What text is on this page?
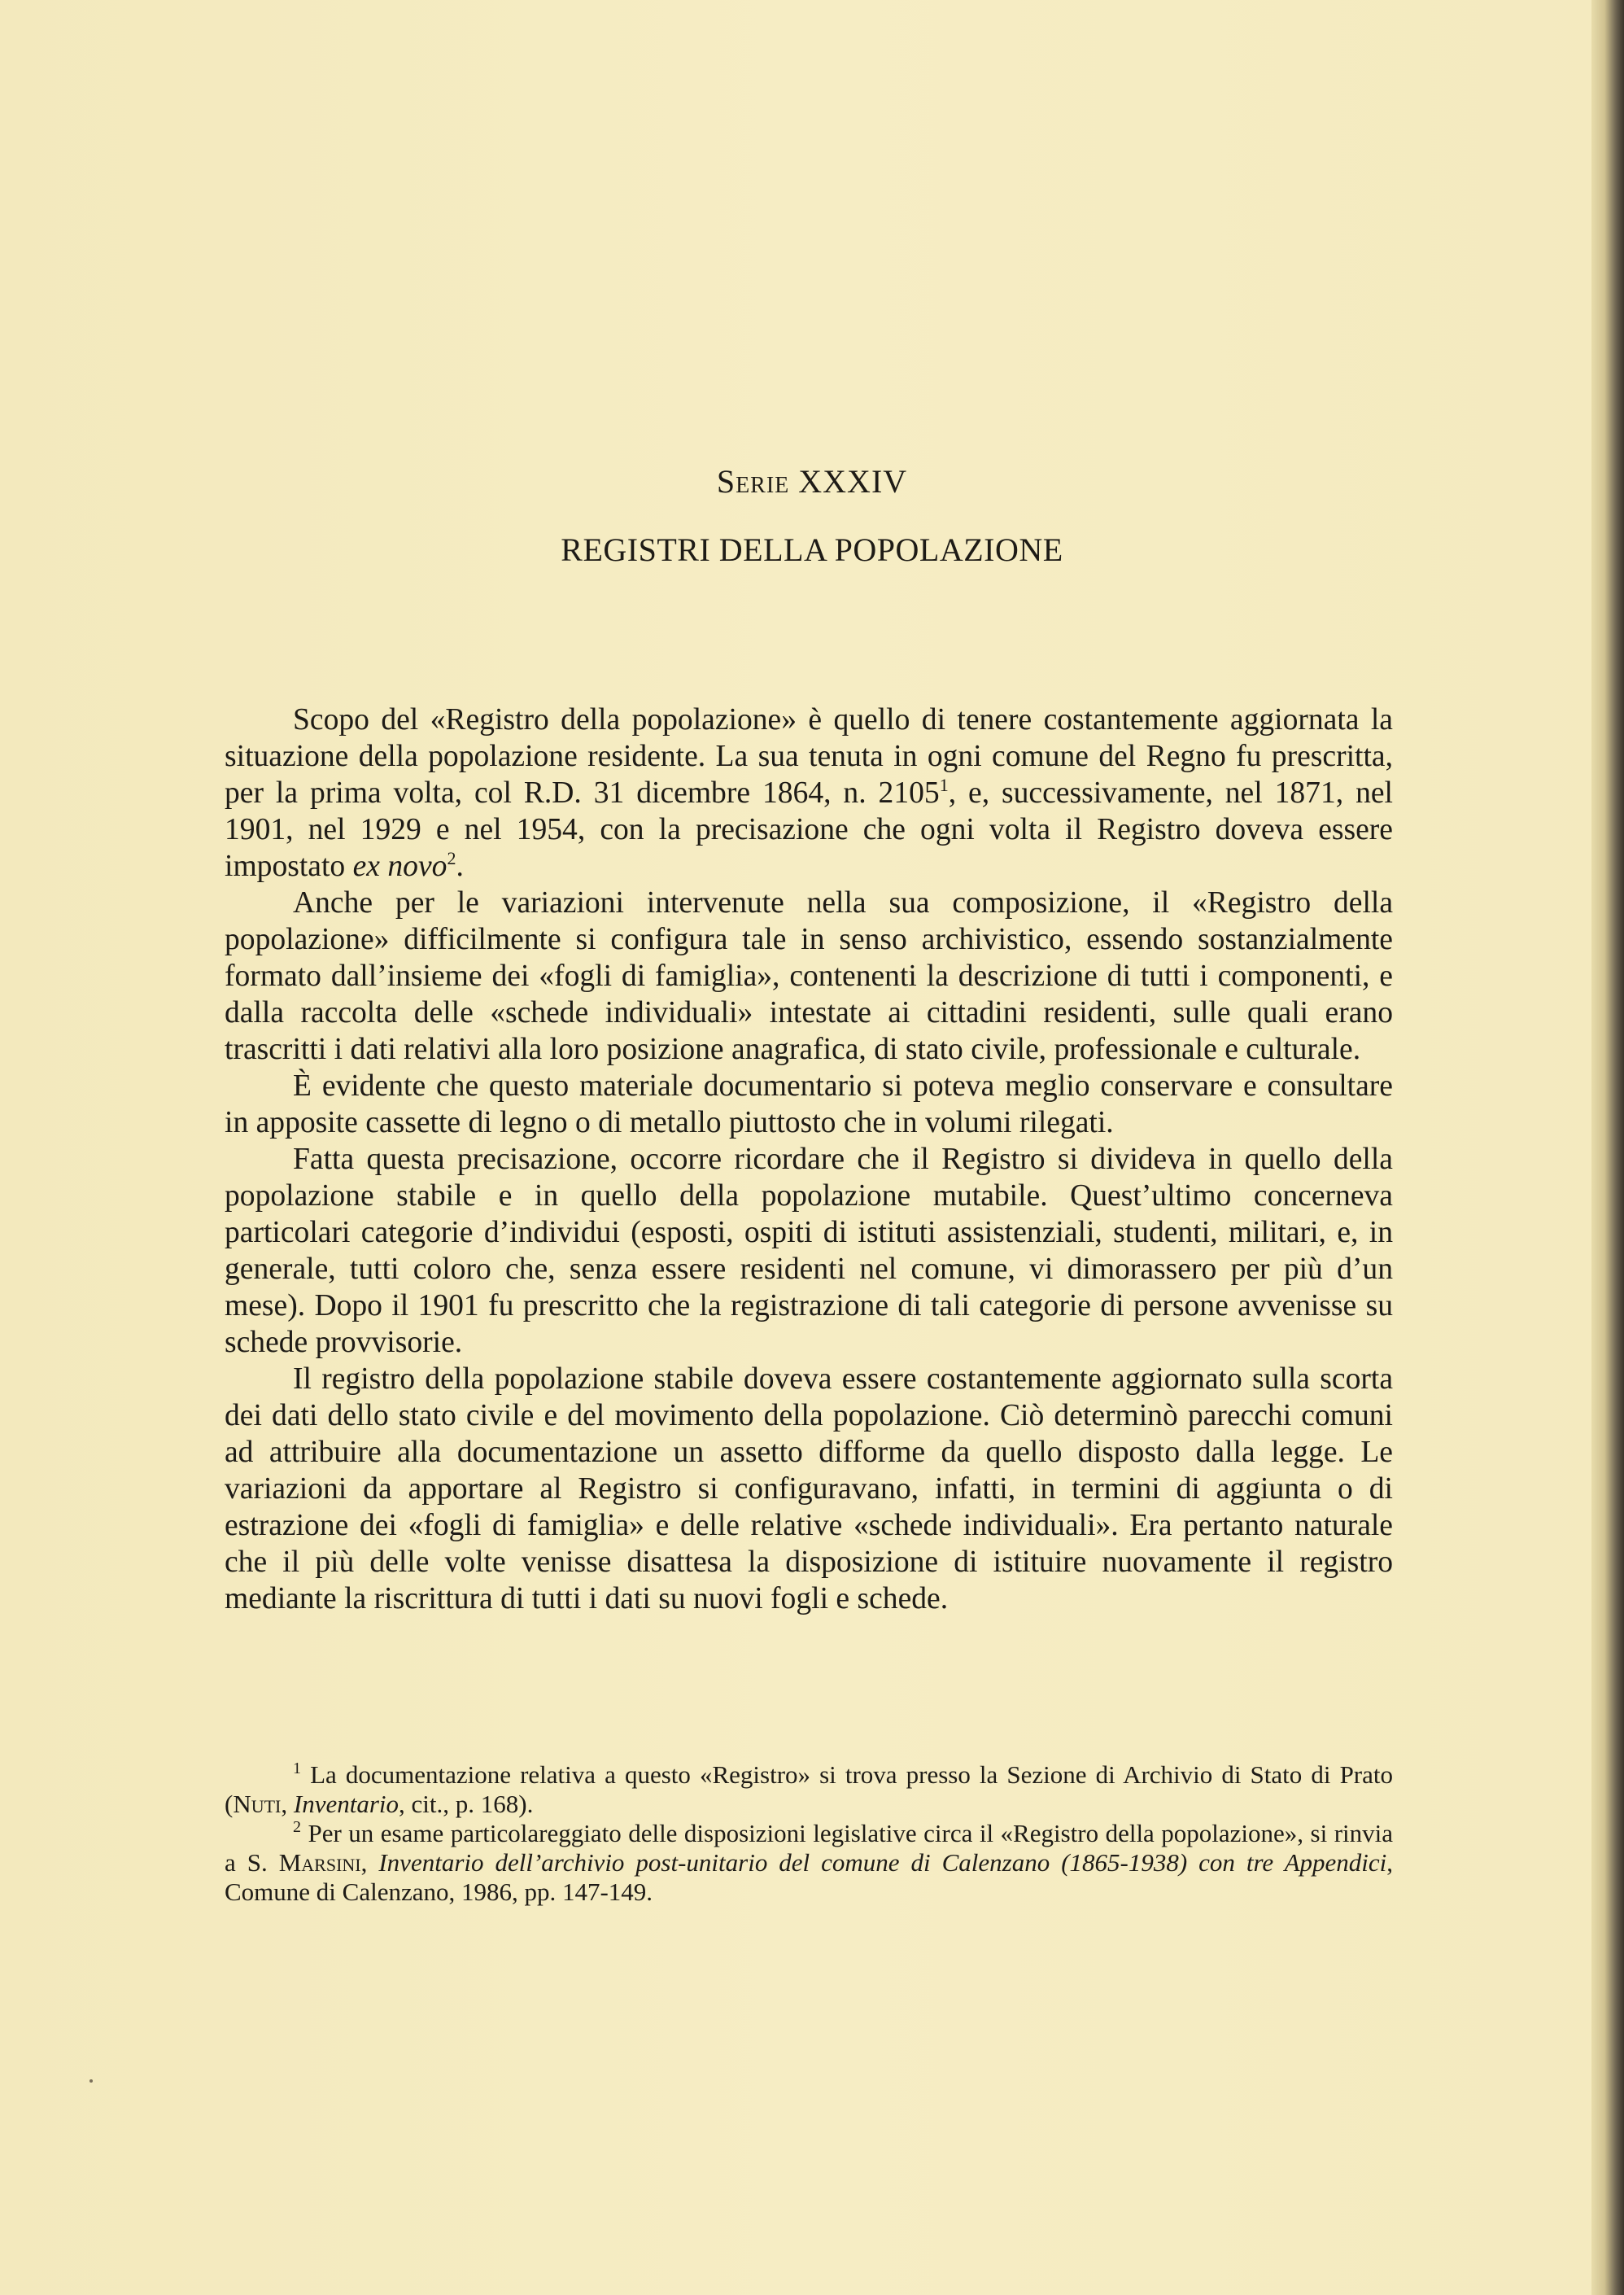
Serie XXXIV
REGISTRI DELLA POPOLAZIONE

Scopo del «Registro della popolazione» è quello di tenere costantemente aggiornata la situazione della popolazione residente. La sua tenuta in ogni comune del Regno fu prescritta, per la prima volta, col R.D. 31 dicembre 1864, n. 2105$^1$, e, successivamente, nel 1871, nel 1901, nel 1929 e nel 1954, con la precisazione che ogni volta il Registro doveva essere impostato ex novo$^2$.

Anche per le variazioni intervenute nella sua composizione, il «Registro della popolazione» difficilmente si configura tale in senso archivistico, essendo sostanzialmente formato dall’insieme dei «fogli di famiglia», contenenti la descrizione di tutti i componenti, e dalla raccolta delle «schede individuali» intestate ai cittadini residenti, sulle quali erano trascritti i dati relativi alla loro posizione anagrafica, di stato civile, professionale e culturale.

È evidente che questo materiale documentario si poteva meglio conservare e consultare in apposite cassette di legno o di metallo piuttosto che in volumi rilegati.

Fatta questa precisazione, occorre ricordare che il Registro si divideva in quello della popolazione stabile e in quello della popolazione mutabile. Quest’ultimo concerneva particolari categorie d’individui (esposti, ospiti di istituti assistenziali, studenti, militari, e, in generale, tutti coloro che, senza essere residenti nel comune, vi dimorassero per più d’un mese). Dopo il 1901 fu prescritto che la registrazione di tali categorie di persone avvenisse su schede provvisorie.

Il registro della popolazione stabile doveva essere costantemente aggiornato sulla scorta dei dati dello stato civile e del movimento della popolazione. Ciò determinò parecchi comuni ad attribuire alla documentazione un assetto difforme da quello disposto dalla legge. Le variazioni da apportare al Registro si configuravano, infatti, in termini di aggiunta o di estrazione dei «fogli di famiglia» e delle relative «schede individuali». Era pertanto naturale che il più delle volte venisse disattesa la disposizione di istituire nuovamente il registro mediante la riscrittura di tutti i dati su nuovi fogli e schede.

$^1$ La documentazione relativa a questo «Registro» si trova presso la Sezione di Archivio di Stato di Prato (Nuti, Inventario, cit., p. 168).

$^2$ Per un esame particolareggiato delle disposizioni legislative circa il «Registro della popolazione», si rinvia a S. Marsini, Inventario dell’archivio post-unitario del comune di Calenzano (1865-1938) con tre Appendici, Comune di Calenzano, 1986, pp. 147-149.
